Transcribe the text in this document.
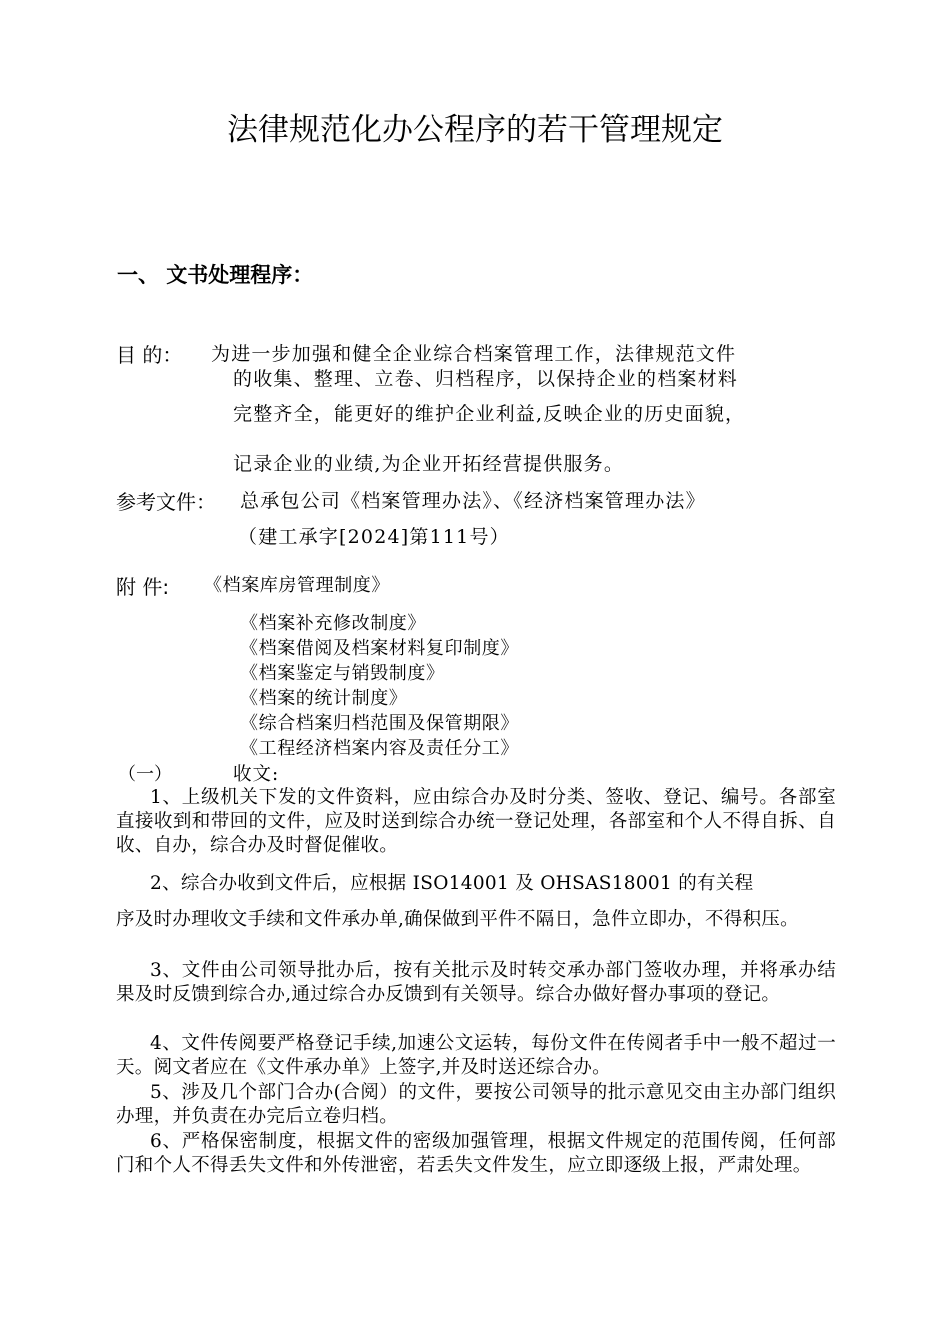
法律规范化办公程序的若干管理规定
一、 文书处理程序：
目 的： 为进一步加强和健全企业综合档案管理工作，法律规范文件
的收集、整理、立卷、归档程序，以保持企业的档案材料
完整齐全，能更好的维护企业利益,反映企业的历史面貌，
记录企业的业绩,为企业开拓经营提供服务。
参考文件： 总承包公司《档案管理办法》、《经济档案管理办法》
（建工承字[2024]第111号）
附 件: 《档案库房管理制度》
《档案补充修改制度》
《档案借阅及档案材料复印制度》
《档案鉴定与销毁制度》
《档案的统计制度》
《综合档案归档范围及保管期限》
《工程经济档案内容及责任分工》
（一）	收文:
1、上级机关下发的文件资料，应由综合办及时分类、签收、登记、编号。各部室直接收到和带回的文件，应及时送到综合办统一登记处理，各部室和个人不得自拆、自收、自办，综合办及时督促催收。
2、综合办收到文件后，应根据 ISO14001 及 OHSAS18001 的有关程
序及时办理收文手续和文件承办单,确保做到平件不隔日，急件立即办，不得积压。
3、文件由公司领导批办后，按有关批示及时转交承办部门签收办理，并将承办结果及时反馈到综合办,通过综合办反馈到有关领导。综合办做好督办事项的登记。
4、文件传阅要严格登记手续,加速公文运转，每份文件在传阅者手中一般不超过一天。阅文者应在《文件承办单》上签字,并及时送还综合办。
5、涉及几个部门合办(合阅）的文件，要按公司领导的批示意见交由主办部门组织办理，并负责在办完后立卷归档。
6、严格保密制度，根据文件的密级加强管理，根据文件规定的范围传阅，任何部门和个人不得丢失文件和外传泄密，若丢失文件发生，应立即逐级上报，严肃处理。
